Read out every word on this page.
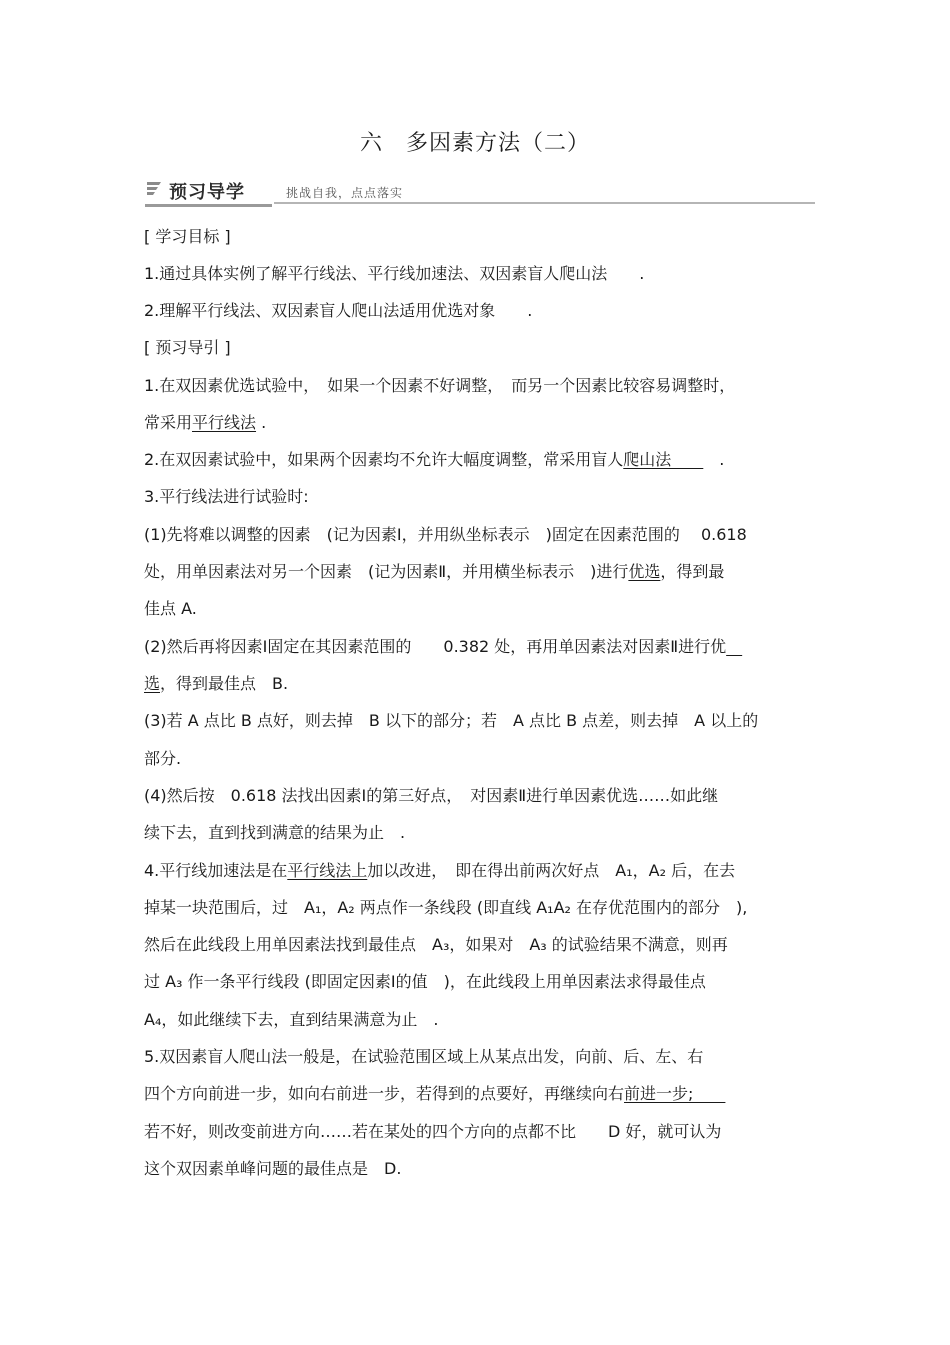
六　多因素方法（二）
预习导学	挑战自我，点点落实
[ 学习目标 ]
1.通过具体实例了解平行线法、平行线加速法、双因素盲人爬山法　　.
2.理解平行线法、双因素盲人爬山法适用优选对象　　.
[ 预习导引 ]
1.在双因素优选试验中，　如果一个因素不好调整，　而另一个因素比较容易调整时，
常采用平行线法 .
2.在双因素试验中，如果两个因素均不允许大幅度调整，常采用盲人爬山法　　　.
3.平行线法进行试验时:
(1)先将难以调整的因素　(记为因素Ⅰ，并用纵坐标表示　)固定在因素范围的　 0.618
处，用单因素法对另一个因素　(记为因素Ⅱ，并用横坐标表示　)进行优选，得到最
佳点 A.
(2)然后再将因素Ⅰ固定在其因素范围的　　0.382 处，再用单因素法对因素Ⅱ进行优　
选，得到最佳点　B.
(3)若 A 点比 B 点好，则去掉　B 以下的部分；若　A 点比 B 点差，则去掉　A 以上的
部分.
(4)然后按　0.618 法找出因素Ⅰ的第三好点，　对因素Ⅱ进行单因素优选……如此继
续下去，直到找到满意的结果为止　.
4.平行线加速法是在平行线法上加以改进，　即在得出前两次好点　A₁，A₂ 后，在去
掉某一块范围后，过　A₁，A₂ 两点作一条线段 (即直线 A₁A₂ 在存优范围内的部分　),
然后在此线段上用单因素法找到最佳点　A₃，如果对　A₃ 的试验结果不满意，则再
过 A₃ 作一条平行线段 (即固定因素Ⅰ的值　)，在此线段上用单因素法求得最佳点
A₄，如此继续下去，直到结果满意为止　.
5.双因素盲人爬山法一般是，在试验范围区域上从某点出发，向前、后、左、右
四个方向前进一步，如向右前进一步，若得到的点要好，再继续向右前进一步;　　
若不好，则改变前进方向……若在某处的四个方向的点都不比　　D 好，就可认为
这个双因素单峰问题的最佳点是　D.
